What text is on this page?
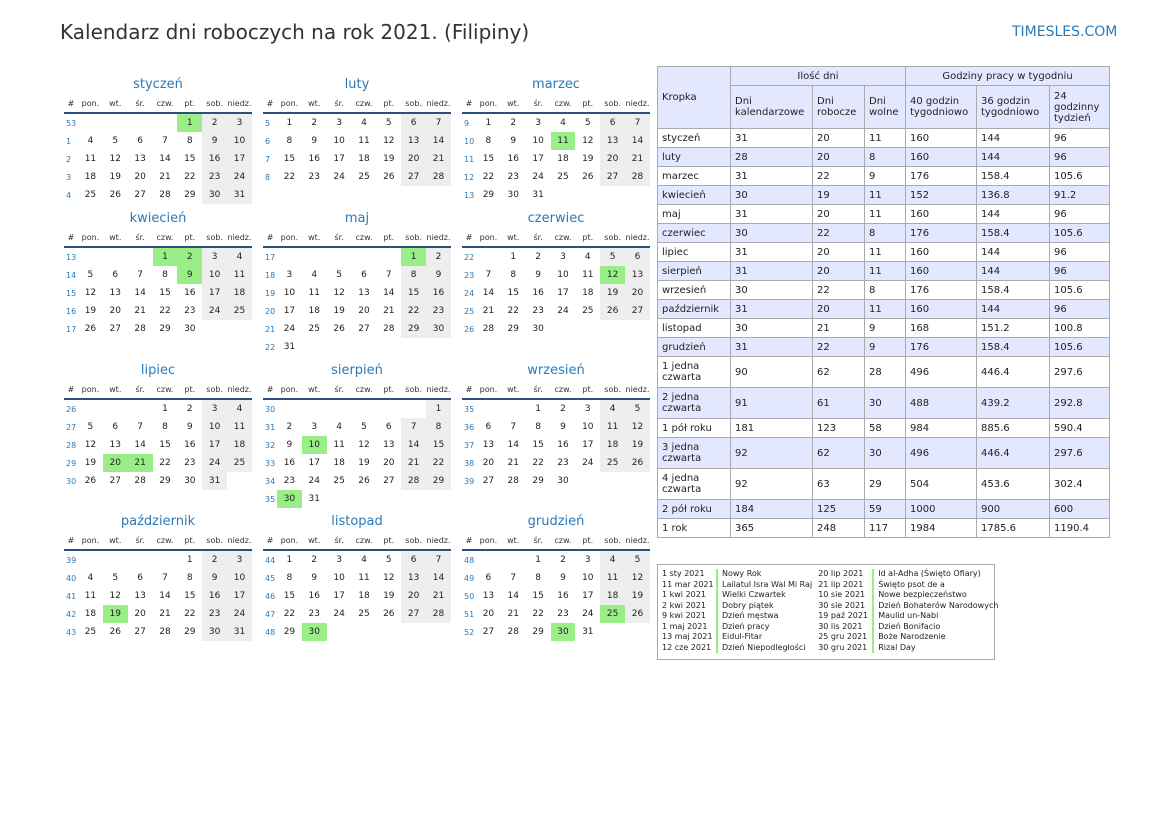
Kalendarz dni roboczych na rok 2021. (Filipiny)	TIMESLES.COM
styczeń
#	pon.	wt.	śr.	czw.	pt.	sob.	niedz.
53					1	2	3
1	4	5	6	7	8	9	10
2	11	12	13	14	15	16	17
3	18	19	20	21	22	23	24
4	25	26	27	28	29	30	31
luty
#	pon.	wt.	śr.	czw.	pt.	sob.	niedz.
5	1	2	3	4	5	6	7
6	8	9	10	11	12	13	14
7	15	16	17	18	19	20	21
8	22	23	24	25	26	27	28
marzec
#	pon.	wt.	śr.	czw.	pt.	sob.	niedz.
9	1	2	3	4	5	6	7
10	8	9	10	11	12	13	14
11	15	16	17	18	19	20	21
12	22	23	24	25	26	27	28
13	29	30	31				
kwiecień
#	pon.	wt.	śr.	czw.	pt.	sob.	niedz.
13				1	2	3	4
14	5	6	7	8	9	10	11
15	12	13	14	15	16	17	18
16	19	20	21	22	23	24	25
17	26	27	28	29	30		
maj
#	pon.	wt.	śr.	czw.	pt.	sob.	niedz.
17						1	2
18	3	4	5	6	7	8	9
19	10	11	12	13	14	15	16
20	17	18	19	20	21	22	23
21	24	25	26	27	28	29	30
22	31						
czerwiec
#	pon.	wt.	śr.	czw.	pt.	sob.	niedz.
22		1	2	3	4	5	6
23	7	8	9	10	11	12	13
24	14	15	16	17	18	19	20
25	21	22	23	24	25	26	27
26	28	29	30				
lipiec
#	pon.	wt.	śr.	czw.	pt.	sob.	niedz.
26				1	2	3	4
27	5	6	7	8	9	10	11
28	12	13	14	15	16	17	18
29	19	20	21	22	23	24	25
30	26	27	28	29	30	31	
sierpień
#	pon.	wt.	śr.	czw.	pt.	sob.	niedz.
30							1
31	2	3	4	5	6	7	8
32	9	10	11	12	13	14	15
33	16	17	18	19	20	21	22
34	23	24	25	26	27	28	29
35	30	31					
wrzesień
#	pon.	wt.	śr.	czw.	pt.	sob.	niedz.
35			1	2	3	4	5
36	6	7	8	9	10	11	12
37	13	14	15	16	17	18	19
38	20	21	22	23	24	25	26
39	27	28	29	30			
październik
#	pon.	wt.	śr.	czw.	pt.	sob.	niedz.
39					1	2	3
40	4	5	6	7	8	9	10
41	11	12	13	14	15	16	17
42	18	19	20	21	22	23	24
43	25	26	27	28	29	30	31
listopad
#	pon.	wt.	śr.	czw.	pt.	sob.	niedz.
44	1	2	3	4	5	6	7
45	8	9	10	11	12	13	14
46	15	16	17	18	19	20	21
47	22	23	24	25	26	27	28
48	29	30					
grudzień
#	pon.	wt.	śr.	czw.	pt.	sob.	niedz.
48			1	2	3	4	5
49	6	7	8	9	10	11	12
50	13	14	15	16	17	18	19
51	20	21	22	23	24	25	26
52	27	28	29	30	31		
Kropka	Ilość dni			Godziny pracy w tygodniu		
	Dni kalendarzowe	Dni robocze	Dni wolne	40 godzin tygodniowo	36 godzin tygodniowo	24 godzinny tydzień
styczeń	31	20	11	160	144	96
luty	28	20	8	160	144	96
marzec	31	22	9	176	158.4	105.6
kwiecień	30	19	11	152	136.8	91.2
maj	31	20	11	160	144	96
czerwiec	30	22	8	176	158.4	105.6
lipiec	31	20	11	160	144	96
sierpień	31	20	11	160	144	96
wrzesień	30	22	8	176	158.4	105.6
październik	31	20	11	160	144	96
listopad	30	21	9	168	151.2	100.8
grudzień	31	22	9	176	158.4	105.6
1 jedna czwarta	90	62	28	496	446.4	297.6
2 jedna czwarta	91	61	30	488	439.2	292.8
1 pół roku	181	123	58	984	885.6	590.4
3 jedna czwarta	92	62	30	496	446.4	297.6
4 jedna czwarta	92	63	29	504	453.6	302.4
2 pół roku	184	125	59	1000	900	600
1 rok	365	248	117	1984	1785.6	1190.4
1 sty 2021	Nowy Rok
11 mar 2021	Lailatul Isra Wal Mi Raj
1 kwi 2021	Wielki Czwartek
2 kwi 2021	Dobry piątek
9 kwi 2021	Dzień męstwa
1 maj 2021	Dzień pracy
13 maj 2021	Eidul-Fitar
12 cze 2021	Dzień Niepodległości
20 lip 2021	Id al-Adha (Święto Ofiary)
21 lip 2021	Święto psot de a
10 sie 2021	Nowe bezpieczeństwo
30 sie 2021	Dzień Bohaterów Narodowych
19 paź 2021	Maulid un-Nabi
30 lis 2021	Dzień Bonifacio
25 gru 2021	Boże Narodzenie
30 gru 2021	Rizal Day
